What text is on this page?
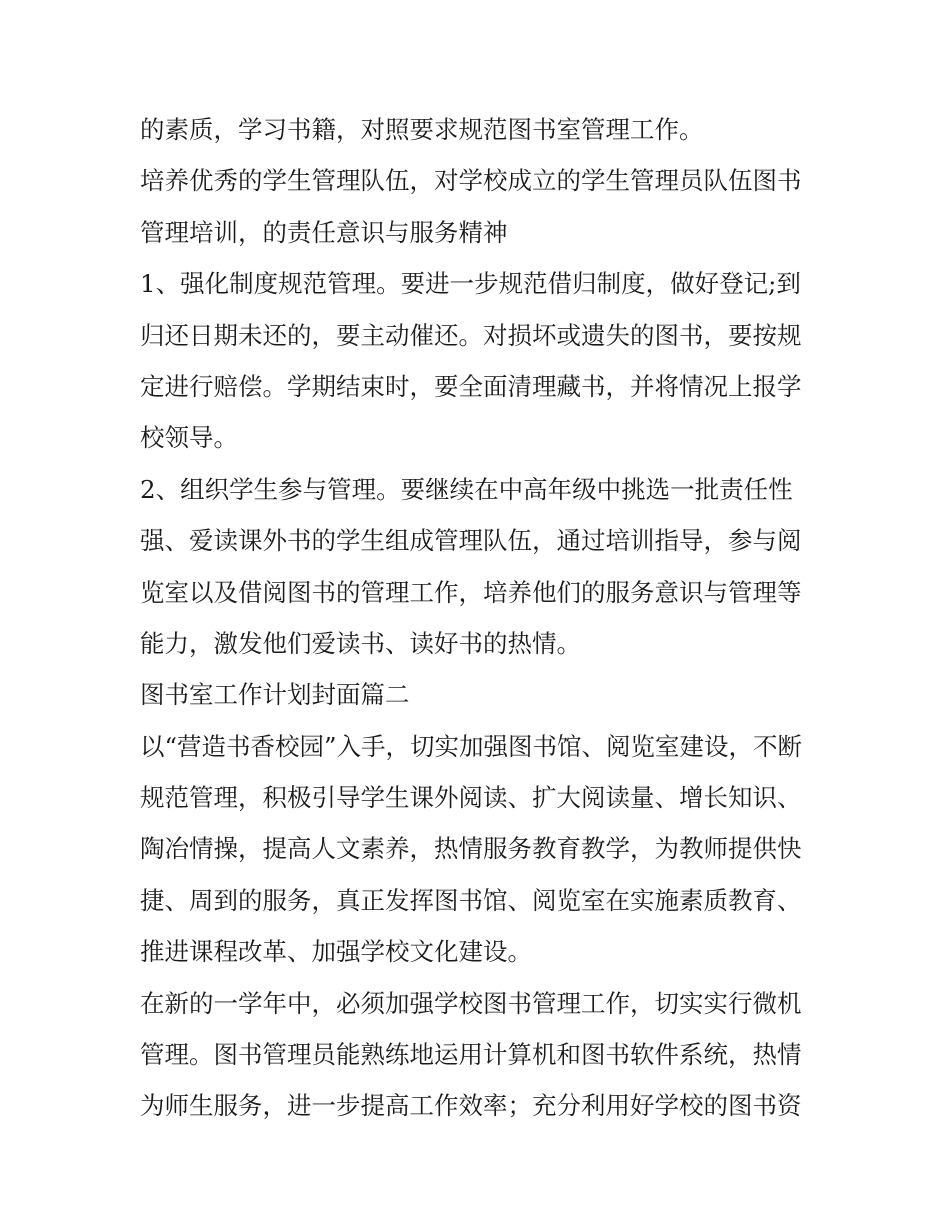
的素质，学习书籍，对照要求规范图书室管理工作。
培养优秀的学生管理队伍，对学校成立的学生管理员队伍图书
管理培训，的责任意识与服务精神
1、强化制度规范管理。要进一步规范借归制度，做好登记;到
归还日期未还的，要主动催还。对损坏或遗失的图书，要按规
定进行赔偿。学期结束时，要全面清理藏书，并将情况上报学
校领导。
2、组织学生参与管理。要继续在中高年级中挑选一批责任性
强、爱读课外书的学生组成管理队伍，通过培训指导，参与阅
览室以及借阅图书的管理工作，培养他们的服务意识与管理等
能力，激发他们爱读书、读好书的热情。
图书室工作计划封面篇二
以“营造书香校园”入手，切实加强图书馆、阅览室建设，不断
规范管理，积极引导学生课外阅读、扩大阅读量、增长知识、
陶冶情操，提高人文素养，热情服务教育教学，为教师提供快
捷、周到的服务，真正发挥图书馆、阅览室在实施素质教育、
推进课程改革、加强学校文化建设。
在新的一学年中，必须加强学校图书管理工作，切实实行微机
管理。图书管理员能熟练地运用计算机和图书软件系统，热情
为师生服务，进一步提高工作效率；充分利用好学校的图书资
